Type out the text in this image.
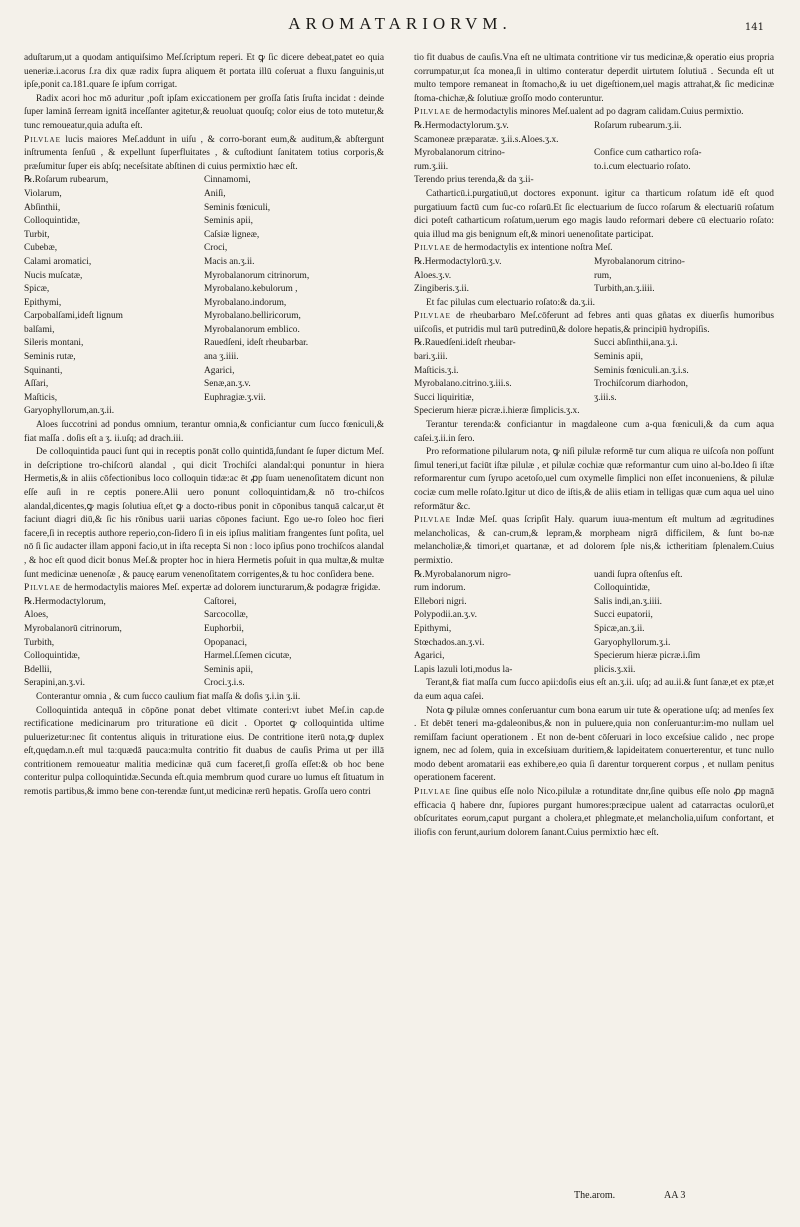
AROMATARIORVM.	141

aduſtarum,ut a quodam antiquiſsimo Meſ.ſcriptum reperi. Et ꝙ ſic dicere debeat,patet eo quia ueneriæ.i.acorus ſ.ra dix quæ radix ſupra aliquem ēt portata illū coſeruat a fluxu ſanguinis,ut ipſe,ponit ca.181.quare ſe ipſum corrigat.

Radix acori hoc mō aduritur ,poſt ipſam exiccationem per groſſa ſatis ſruſta incidat : deinde ſuper laminā ſerream ignitā inceſſanter agitetur,& reuoluat quouſq; color eius de toto mutetur,& tunc remoueatur,quia aduſta eſt.

Pilvlae lucis maiores Meſ.addunt in uiſu , & corro-borant eum,& auditum,& abſtergunt inſtrumenta ſenſuū , & expellunt ſuperfluitates , & cuſtodiunt ſanitatem totius corporis,& præſumitur ſuper eis abſq; neceſsitate abſtinen di cuius permixtio hæc eſt.

℞.Roſarum rubearum,	Cinnamomi,
Violarum,	Aniſi,
Abſinthii,	Seminis fœniculi,
Colloquintidæ,	Seminis apii,
Turbit,	Caſsiæ ligneæ,
Cubebæ,	Croci,
Calami aromatici,	Macis an.ʒ.ii.
Nucis muſcatæ,	Myrobalanorum citrinorum,
Spicæ,	Myrobalano.kebulorum ,
Epithymi,	Myrobalano.indorum,
Carpobalſami,ideſt lignum	Myrobalano.belliricorum,
balſami,	Myrobalanorum emblico.
Sileris montani,	Rauedſeni, ideſt rheubarbar.
Seminis rutæ,	ana ʒ.iiii.
Squinanti,	Agarici,
Aſſari,	Senæ,an.ʒ.v.
Maſticis,	Euphragiæ.ʒ.vii.
Garyophyllorum,an.ʒ.ii.	

Aloes ſuccotrini ad pondus omnium, terantur omnia,& conficiantur cum ſucco fœniculi,& fiat maſſa . doſis eſt a ʒ. ii.uſq; ad drach.iii.

De colloquintida pauci ſunt qui in receptis ponāt collo quintidā,ſundant ſe ſuper dictum Meſ. in deſcriptione tro-chiſcorū alandal , qui dicit Trochiſci alandal:qui ponuntur in hiera Hermetis,& in aliis cōfectionibus loco colloquin tidæ:ac ēt ꝓp ſuam uenenoſitatem dicunt non eſſe auſi in re ceptis ponere.Alii uero ponunt colloquintidam,& nō tro-chiſcos alandal,dicentes,ꝙ magis ſolutiua eſt,et ꝙ a docto-ribus ponit in cōponibus tanquā calcar,ut ēt faciunt diagri diū,& ſic his rōnibus uarii uarias cōpones faciunt. Ego ue-ro ſoleo hoc fieri facere,ſi in receptis authore reperio,con-ſidero ſi in eis ipſius malitiam frangentes ſunt poſita, uel nō ſi ſic audacter illam apponi facio,ut in iſta recepta Si non : loco ipſius pono trochiſcos alandal , & hoc eſt quod dicit bonus Meſ.& propter hoc in hiera Hermetis poſuit in qua multæ,& multæ ſunt medicinæ uenenoſæ , & paucę earum venenoſitatem corrigentes,& tu hoc conſidera bene.

Pilvlae de hermodactylis maiores Meſ. expertæ ad dolorem iuncturarum,& podagræ frigidæ.

℞.Hermodactylorum,	Caſtorei,
Aloes,	Sarcocollæ,
Myrobalanorū citrinorum,	Euphorbii,
Turbith,	Opopanaci,
Colloquintidæ,	Harmel.ſ.ſemen cicutæ,
Bdellii,	Seminis apii,
Serapini,an.ʒ.vi.	Croci.ʒ.i.s.

Conterantur omnia , & cum ſucco caulium fiat maſſa & doſis ʒ.i.in ʒ.ii.

Colloquintida antequā in cōpōne ponat debet vltimate conteri:vt iubet Meſ.in cap.de rectificatione medicinarum pro trituratione eū dicit . Oportet ꝙ colloquintida ultime puluerizetur:nec ſit contentus aliquis in trituratione eius. De contritione iterū nota,ꝙ duplex eſt,quędam.n.eſt mul ta:quædā pauca:multa contritio fit duabus de cauſis Prima ut per illā contritionem remoueatur malitia medicinæ quā cum faceret,ſi groſſa eſſet:& ob hoc bene conteritur pulpa colloquintidæ.Secunda eſt.quia membrum quod curare uo lumus eſt ſituatum in remotis partibus,& immo bene con-terendæ ſunt,ut medicinæ rerū hepatis. Groſſa uero contri

tio fit duabus de cauſis.Vna eſt ne ultimata contritione vir tus medicinæ,& operatio eius propria corrumpatur,ut ſca monea,ſi in ultimo conteratur deperdit uirtutem ſolutiuā . Secunda eſt ut multo tempore remaneat in ſtomacho,& iu uet digeſtionem,uel magis attrahat,& ſic medicinæ ſtoma-chichæ,& ſolutiuæ groſſo modo conteruntur.

Pilvlae de hermodactylis minores Meſ.ualent ad po dagram calidam.Cuius permixtio.

℞.Hermodactylorum.ʒ.v.	Roſarum rubearum.ʒ.ii.
Scamoneæ præparatæ. ʒ.ii.s.Aloes.ʒ.x.	
Myrobalanorum citrino-	Confice cum cathartico roſa-
rum.ʒ.iii.	to.i.cum electuario roſato.

Terendo prius terenda,& da ʒ.ii-

Catharticū.i.purgatiuū,ut doctores exponunt. igitur ca tharticum roſatum idē eſt quod purgatiuum factū cum ſuc-co roſarū.Et ſic electuarium de ſucco roſarum & electuariū roſatum dici poteſt catharticum roſatum,uerum ego magis laudo reformari debere cū electuario roſato: quia illud ma gis benignum eſt,& minori uenenoſitate participat.

Pilvlae de hermodactylis ex intentione noſtra Meſ.

℞.Hermodactylorū.ʒ.v.	Myrobalanorum citrino-
Aloes.ʒ.v.	rum,
Zingiberis.ʒ.ii.	Turbith,an.ʒ.iiii.

Et fac pilulas cum electuario roſato:& da.ʒ.ii.

Pilvlae de rheubarbaro Meſ.cōferunt ad febres anti quas gñatas ex diuerſis humoribus uiſcoſis, et putridis mul tarū putredinū,& dolore hepatis,& principiū hydropiſis.

℞.Rauedſeni.ideſt rheubar-	Succi abſinthii,ana.ʒ.i.
bari.ʒ.iii.	Seminis apii,
Maſticis.ʒ.i.	Seminis fœniculi.an.ʒ.i.s.
Myrobalano.citrino.ʒ.iii.s.	Trochiſcorum diarhodon,
Succi liquiritiæ,	ʒ.iii.s.

Specierum hieræ picræ.i.hieræ ſimplicis.ʒ.x.

Terantur terenda:& conficiantur in magdaleone cum a-qua fœniculi,& da cum aqua caſei.ʒ.ii.in ſero.

Pro reformatione pilularum nota, ꝙ niſi pilulæ reformē tur cum aliqua re uiſcoſa non poſſunt ſimul teneri,ut faciūt iſtæ pilulæ , et pilulæ cochiæ quæ reformantur cum uino al-bo.Ideo ſi iſtæ reformarentur cum ſyrupo acetoſo,uel cum oxymelle ſimplici non eſſet inconueniens, & pilulæ cociæ cum melle roſato.Igitur ut dico de iſtis,& de aliis etiam in telligas quæ cum aqua uel uino reformātur &c.

Pilvlae Indæ Meſ. quas ſcripſit Haly. quarum iuua-mentum eſt multum ad ægritudines melancholicas, & can-crum,& lepram,& morpheam nigrā difficilem, & ſunt bo-næ melancholiæ,& timori,et quartanæ, et ad dolorem ſple nis,& ictheritiam ſplenalem.Cuius permixtio.

℞.Myrobalanorum nigro-	uandi ſupra oſtenſus eſt.
rum indorum.	Colloquintidæ,
Ellebori nigri.	Salis indi,an.ʒ.iiii.
Polypodii.an.ʒ.v.	Succi eupatorii,
Epithymi,	Spicæ,an.ʒ.ii.
Stœchados.an.ʒ.vi.	Garyophyllorum.ʒ.i.
Agarici,	Specierum hieræ picræ.i.ſim
Lapis lazuli loti,modus la-	plicis.ʒ.xii.

Terant,& fiat maſſa cum ſucco apii:doſis eius eſt an.ʒ.ii. uſq; ad au.ii.& ſunt ſanæ,et ex ptæ,et da eum aqua caſei.

Nota ꝙ pilulæ omnes conſeruantur cum bona earum uir tute & operatione uſq; ad menſes ſex . Et debēt teneri ma-gdaleonibus,& non in puluere,quia non conſeruantur:im-mo nullam uel remiſſam faciunt operationem . Et non de-bent cōſeruari in loco exceſsiue calido , nec prope ignem, nec ad ſolem, quia in exceſsiuam duritiem,& lapideitatem conuerterentur, et tunc nullo modo debent aromatarii eas exhibere,eo quia ſi darentur torquerent corpus , et nullam penitus operationem facerent.

Pilvlae ſine quibus eſſe nolo Nico.pilulæ a rotunditate dnr,ſine quibus eſſe nolo ꝓp magnā efficacia q̄ habere dnr, ſupiores purgant humores:præcipue ualent ad catarractas oculorū,et obſcuritates eorum,caput purgant a cholera,et phlegmate,et melancholia,uiſum confortant, et iliofis con ferunt,aurium dolorem ſanant.Cuius permixtio hæc eſt.

The.arom.	AA 3
